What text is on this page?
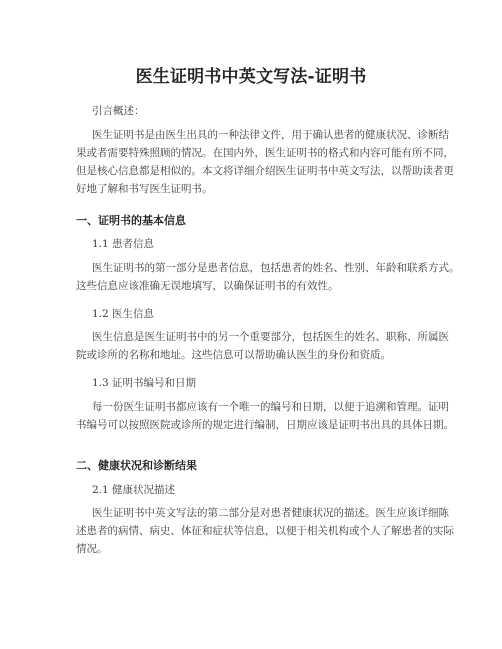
医生证明书中英文写法-证明书

引言概述：

医生证明书是由医生出具的一种法律文件，用于确认患者的健康状况、诊断结
果或者需要特殊照顾的情况。在国内外，医生证明书的格式和内容可能有所不同，
但是核心信息都是相似的。本文将详细介绍医生证明书中英文写法，以帮助读者更
好地了解和书写医生证明书。
一、证明书的基本信息

1.1 患者信息

医生证明书的第一部分是患者信息，包括患者的姓名、性别、年龄和联系方式。
这些信息应该准确无误地填写，以确保证明书的有效性。

1.2 医生信息

医生信息是医生证明书中的另一个重要部分，包括医生的姓名、职称、所属医
院或诊所的名称和地址。这些信息可以帮助确认医生的身份和资质。

1.3 证明书编号和日期

每一份医生证明书都应该有一个唯一的编号和日期，以便于追溯和管理。证明
书编号可以按照医院或诊所的规定进行编制，日期应该是证明书出具的具体日期。
二、健康状况和诊断结果

2.1 健康状况描述

医生证明书中英文写法的第二部分是对患者健康状况的描述。医生应该详细陈
述患者的病情、病史、体征和症状等信息，以便于相关机构或个人了解患者的实际
情况。
